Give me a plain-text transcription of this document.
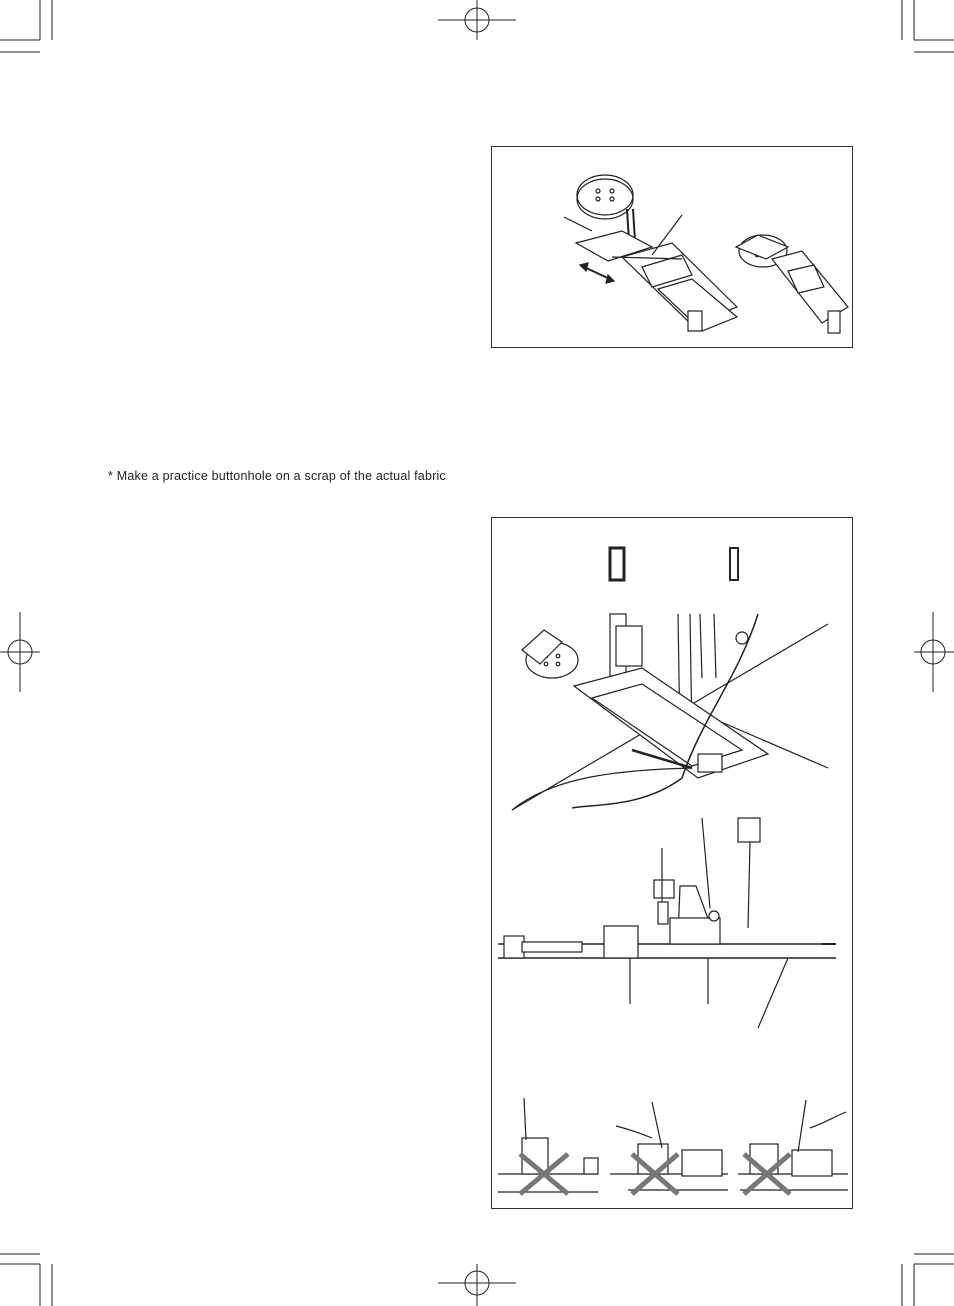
* Make a practice buttonhole on a scrap of the actual fabric
